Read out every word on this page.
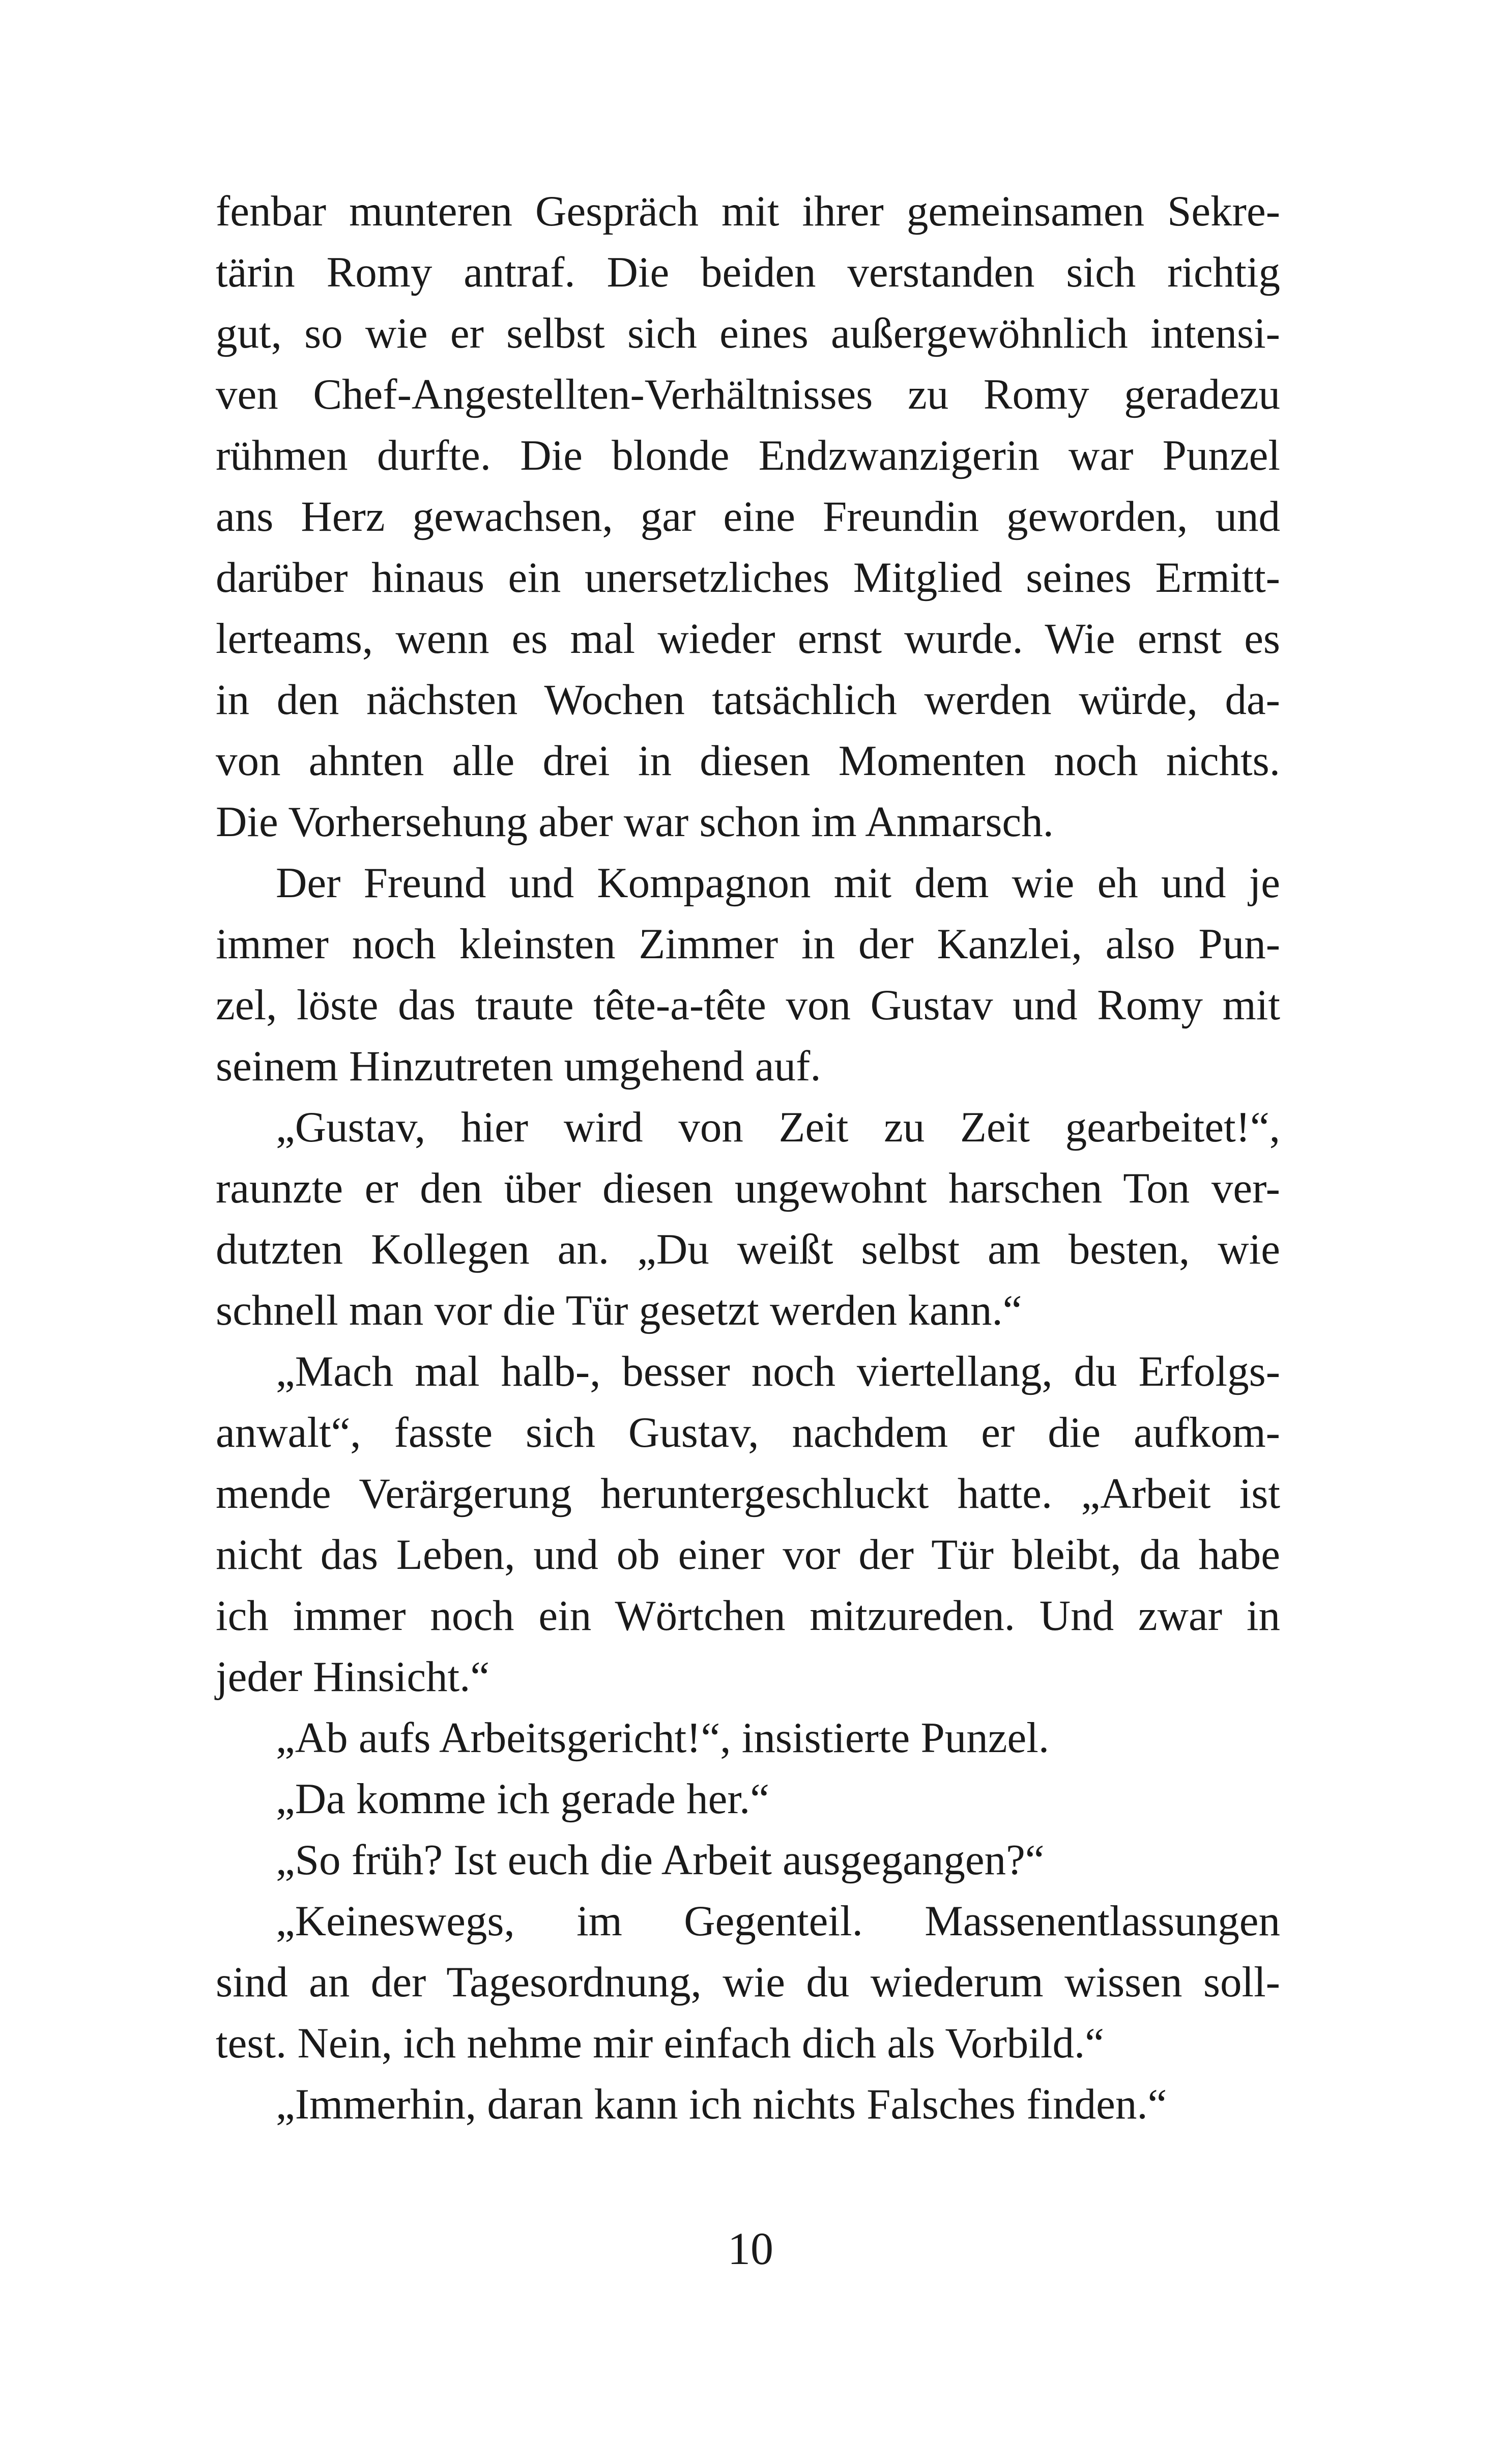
fenbar munteren Gespräch mit ihrer gemeinsamen Sekre-
tärin Romy antraf. Die beiden verstanden sich richtig
gut, so wie er selbst sich eines außergewöhnlich intensi-
ven Chef-Angestellten-Verhältnisses zu Romy geradezu
rühmen durfte. Die blonde Endzwanzigerin war Punzel
ans Herz gewachsen, gar eine Freundin geworden, und
darüber hinaus ein unersetzliches Mitglied seines Ermitt-
lerteams, wenn es mal wieder ernst wurde. Wie ernst es
in den nächsten Wochen tatsächlich werden würde, da-
von ahnten alle drei in diesen Momenten noch nichts.
Die Vorhersehung aber war schon im Anmarsch.
Der Freund und Kompagnon mit dem wie eh und je
immer noch kleinsten Zimmer in der Kanzlei, also Pun-
zel, löste das traute tête-a-tête von Gustav und Romy mit
seinem Hinzutreten umgehend auf.
„Gustav, hier wird von Zeit zu Zeit gearbeitet!“,
raunzte er den über diesen ungewohnt harschen Ton ver-
dutzten Kollegen an. „Du weißt selbst am besten, wie
schnell man vor die Tür gesetzt werden kann.“
„Mach mal halb-, besser noch viertellang, du Erfolgs-
anwalt“, fasste sich Gustav, nachdem er die aufkom-
mende Verärgerung heruntergeschluckt hatte. „Arbeit ist
nicht das Leben, und ob einer vor der Tür bleibt, da habe
ich immer noch ein Wörtchen mitzureden. Und zwar in
jeder Hinsicht.“
„Ab aufs Arbeitsgericht!“, insistierte Punzel.
„Da komme ich gerade her.“
„So früh? Ist euch die Arbeit ausgegangen?“
„Keineswegs, im Gegenteil. Massenentlassungen
sind an der Tagesordnung, wie du wiederum wissen soll-
test. Nein, ich nehme mir einfach dich als Vorbild.“
„Immerhin, daran kann ich nichts Falsches finden.“
10
